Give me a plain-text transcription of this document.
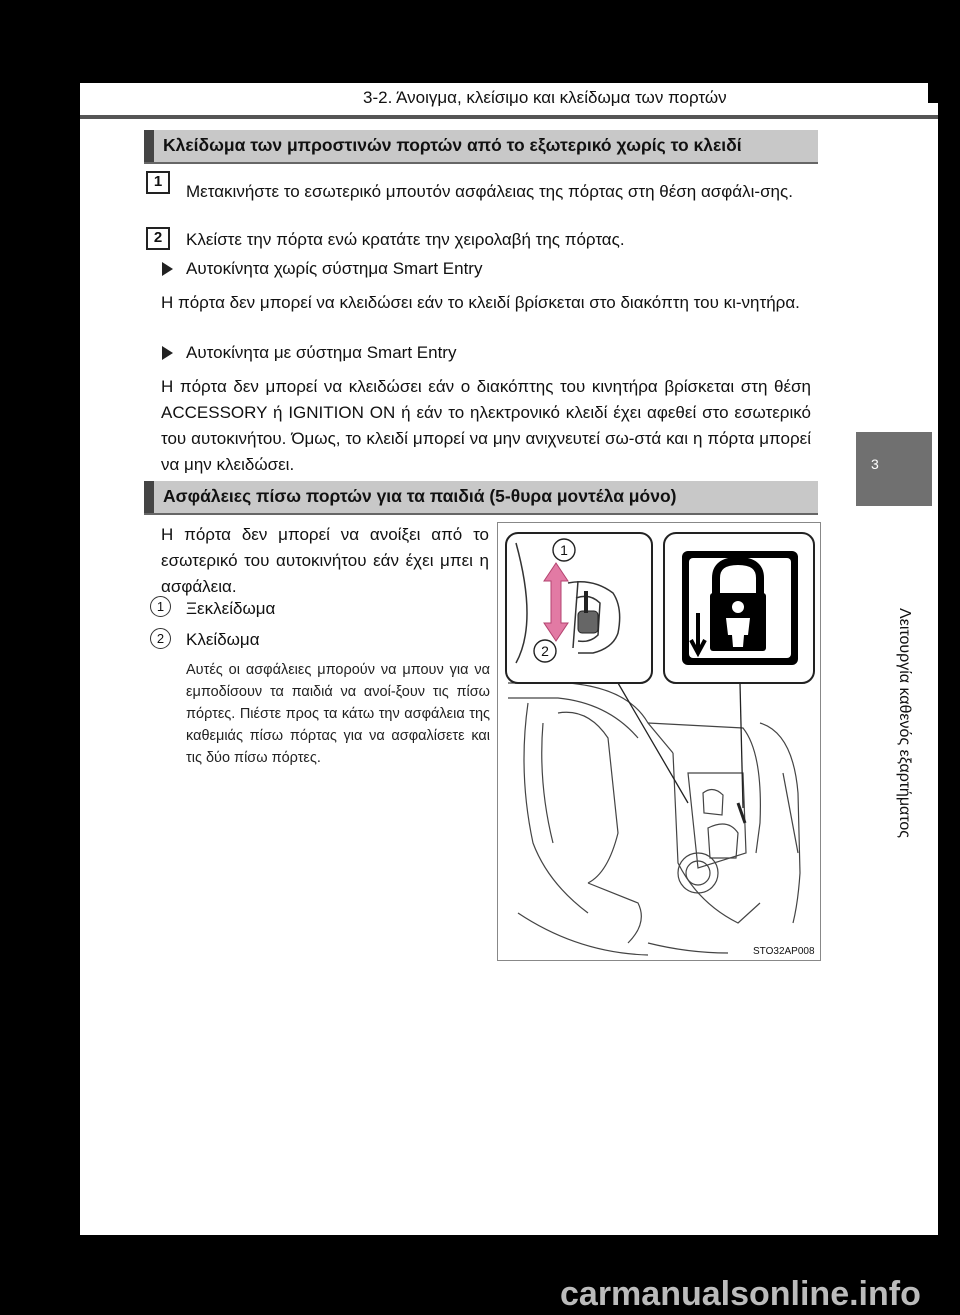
3-2. Άνοιγμα, κλείσιμο και κλείδωμα των πορτών
3
Λειτουργία καθενός εξαρτήματος
Κλείδωμα των μπροστινών πορτών από το εξωτερικό χωρίς το κλειδί
1
Μετακινήστε το εσωτερικό μπουτόν ασφάλειας της πόρτας στη θέση ασφάλι-σης.
2	Κλείστε την πόρτα ενώ κρατάτε την χειρολαβή της πόρτας.
Αυτοκίνητα χωρίς σύστημα Smart Entry
Η πόρτα δεν μπορεί να κλειδώσει εάν το κλειδί βρίσκεται στο διακόπτη του κι-νητήρα.
Αυτοκίνητα με σύστημα Smart Entry
Η πόρτα δεν μπορεί να κλειδώσει εάν ο διακόπτης του κινητήρα βρίσκεται στη θέση ACCESSORY ή IGNITION ON ή εάν το ηλεκτρονικό κλειδί έχει αφεθεί στο εσωτερικό του αυτοκινήτου. Όμως, το κλειδί μπορεί να μην ανιχνευτεί σω-στά και η πόρτα μπορεί να μην κλειδώσει.
Ασφάλειες πίσω πορτών για τα παιδιά (5-θυρα μοντέλα μόνο)
Η πόρτα δεν μπορεί να ανοίξει από το εσωτερικό του αυτοκινήτου εάν έχει μπει η ασφάλεια.
1	Ξεκλείδωμα
2	Κλείδωμα
Αυτές οι ασφάλειες μπορούν να μπουν για να εμποδίσουν τα παιδιά να ανοί-ξουν τις πίσω πόρτες. Πιέστε προς τα κάτω την ασφάλεια της καθεμιάς πίσω πόρτας για να ασφαλίσετε και τις δύο πίσω πόρτες.
1
2
STO32AP008
carmanualsonline.info
